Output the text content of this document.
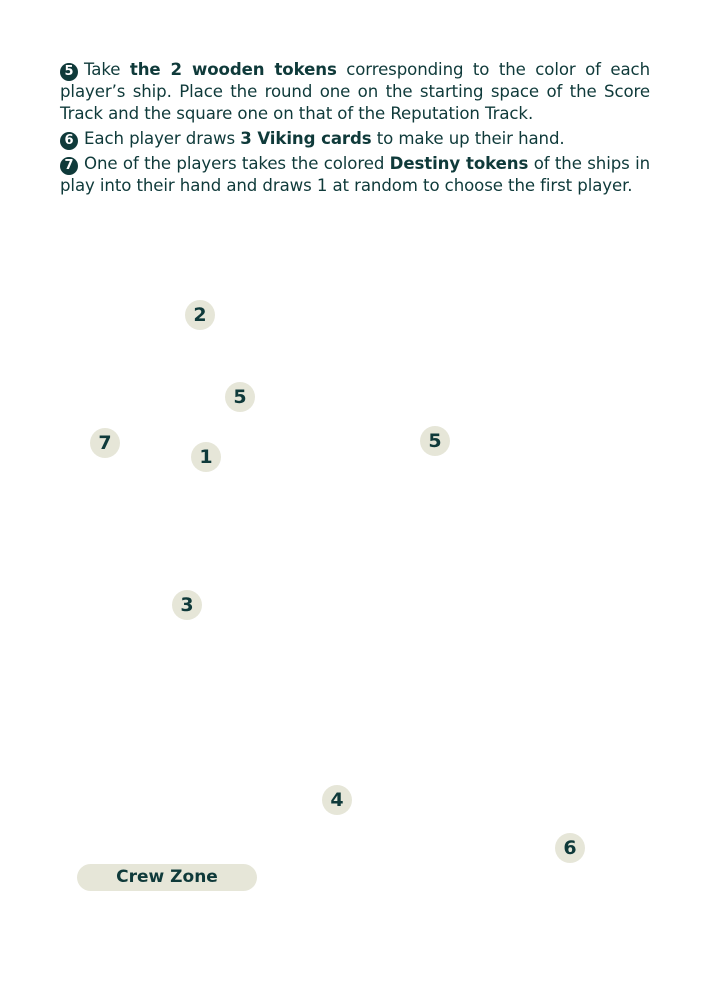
5 Take the 2 wooden tokens corresponding to the color of each player’s ship. Place the round one on the starting space of the Score Track and the square one on that of the Reputation Track.

6 Each player draws 3 Viking cards to make up their hand.

7 One of the players takes the colored Destiny tokens of the ships in play into their hand and draws 1 at random to choose the first player.

2
5
7
1
5
3
4
6
Crew Zone
